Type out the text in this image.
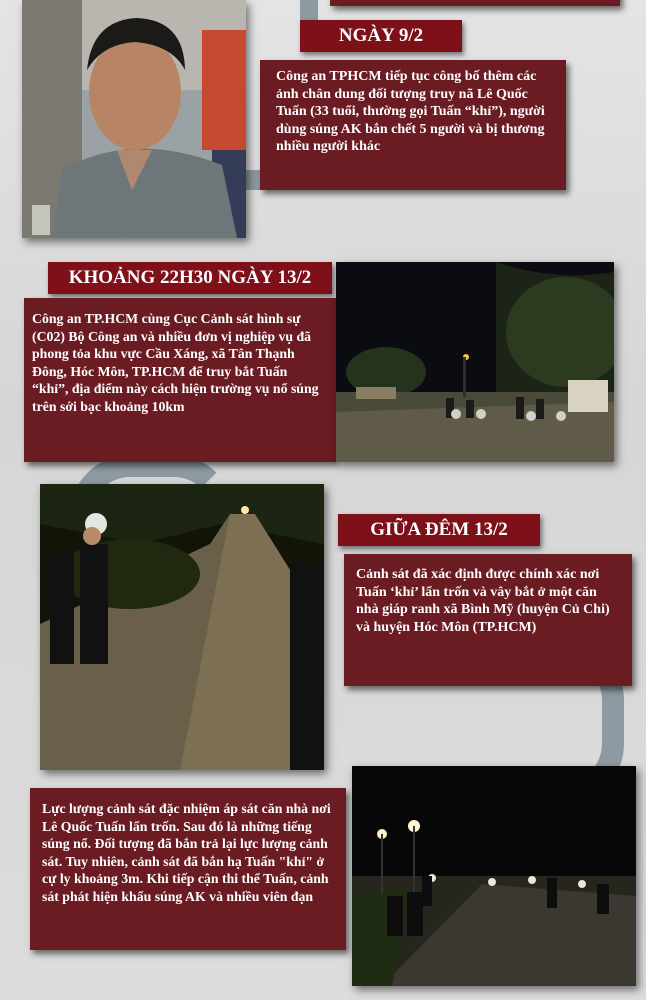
NGÀY 9/2
Công an TPHCM tiếp tục công bố thêm các ảnh chân dung đối tượng truy nã Lê Quốc Tuấn (33 tuổi, thường gọi Tuấn “khỉ”), người dùng súng AK bắn chết 5 người và bị thương nhiều người khác
KHOẢNG 22H30 NGÀY 13/2
Công an TP.HCM cùng Cục Cảnh sát hình sự (C02) Bộ Công an và nhiều đơn vị nghiệp vụ đã phong tỏa khu vực Cầu Xáng, xã Tân Thạnh Đông, Hóc Môn, TP.HCM để truy bắt Tuấn “khỉ”, địa điểm này cách hiện trường vụ nổ súng trên sới bạc khoảng 10km
GIỮA ĐÊM 13/2
Cảnh sát đã xác định được chính xác nơi Tuấn ‘khỉ’ lẩn trốn và vây bắt ở một căn nhà giáp ranh xã Bình Mỹ (huyện Củ Chi) và huyện Hóc Môn (TP.HCM)
Lực lượng cảnh sát đặc nhiệm áp sát căn nhà nơi Lê Quốc Tuấn lẩn trốn. Sau đó là những tiếng súng nổ. Đối tượng đã bắn trả lại lực lượng cảnh sát. Tuy nhiên, cảnh sát đã bắn hạ Tuấn "khỉ" ở cự ly khoảng 3m. Khi tiếp cận thi thể Tuấn, cảnh sát phát hiện khẩu súng AK và nhiều viên đạn
